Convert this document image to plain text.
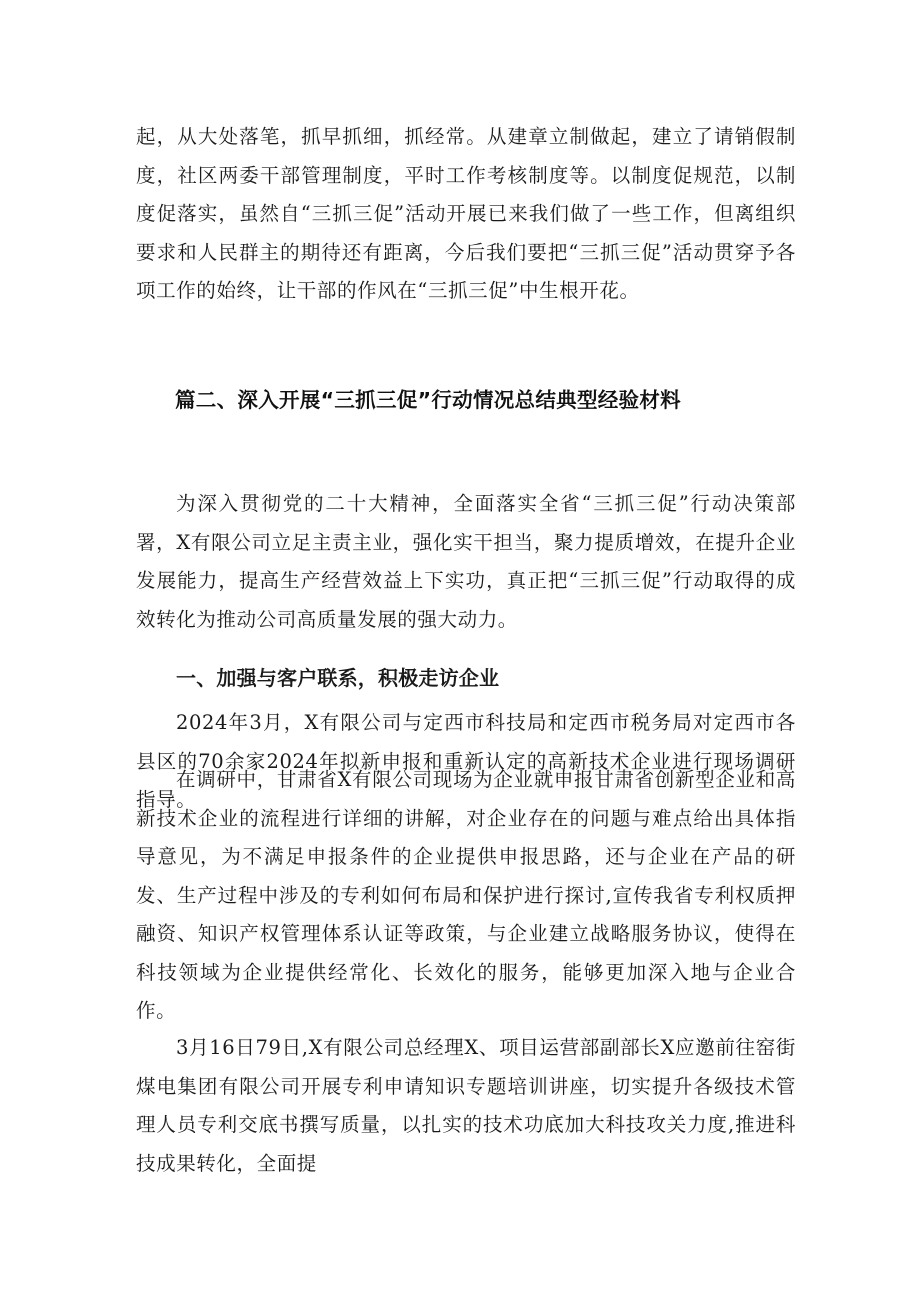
起，从大处落笔，抓早抓细，抓经常。从建章立制做起，建立了请销假制度，社区两委干部管理制度，平时工作考核制度等。以制度促规范，以制度促落实，虽然自“三抓三促”活动开展已来我们做了一些工作，但离组织要求和人民群主的期待还有距离，今后我们要把“三抓三促”活动贯穿予各项工作的始终，让干部的作风在“三抓三促”中生根开花。

篇二、深入开展“三抓三促”行动情况总结典型经验材料

为深入贯彻党的二十大精神，全面落实全省“三抓三促”行动决策部署，X有限公司立足主责主业，强化实干担当，聚力提质增效，在提升企业发展能力，提高生产经营效益上下实功，真正把“三抓三促”行动取得的成效转化为推动公司高质量发展的强大动力。

一、加强与客户联系，积极走访企业

2024年3月，X有限公司与定西市科技局和定西市税务局对定西市各县区的70余家2024年拟新申报和重新认定的高新技术企业进行现场调研指导。

在调研中，甘肃省X有限公司现场为企业就申报甘肃省创新型企业和高新技术企业的流程进行详细的讲解，对企业存在的问题与难点给出具体指导意见，为不满足申报条件的企业提供申报思路，还与企业在产品的研发、生产过程中涉及的专利如何布局和保护进行探讨,宣传我省专利权质押融资、知识产权管理体系认证等政策，与企业建立战略服务协议，使得在科技领域为企业提供经常化、长效化的服务，能够更加深入地与企业合作。

3月16日79日,X有限公司总经理X、项目运营部副部长X应邀前往窑街煤电集团有限公司开展专利申请知识专题培训讲座，切实提升各级技术管理人员专利交底书撰写质量，以扎实的技术功底加大科技攻关力度,推进科技成果转化，全面提
